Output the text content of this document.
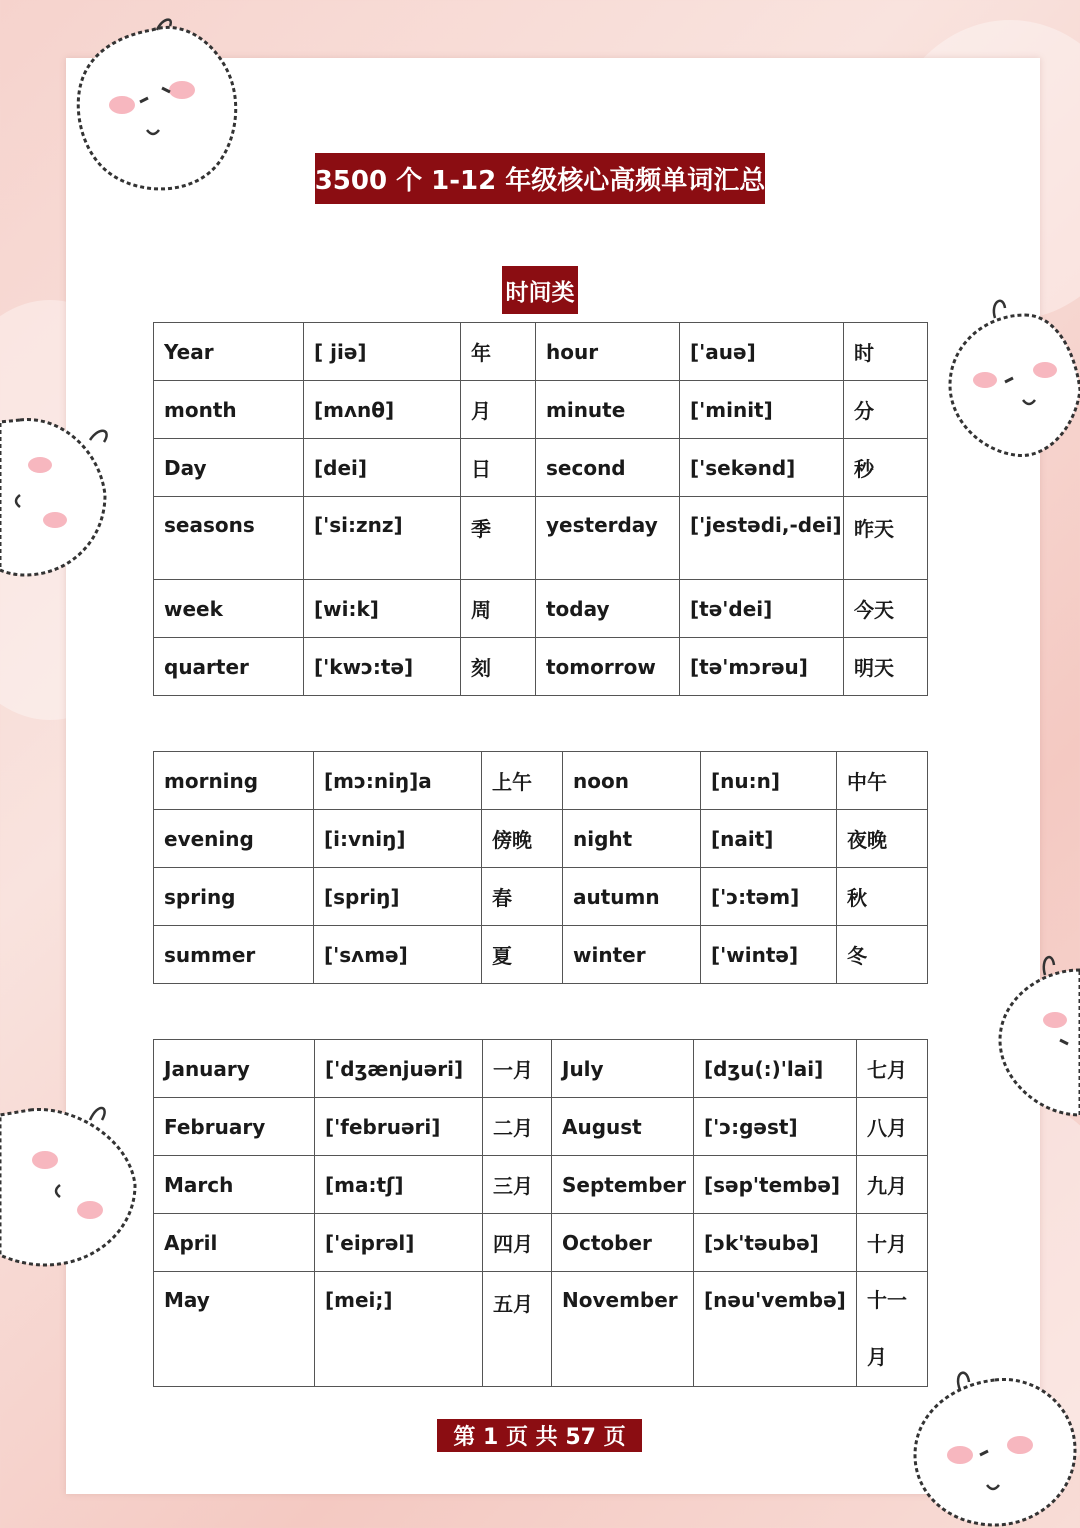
3500 个 1-12 年级核心高频单词汇总
时间类
Year	[ jiə]	年	hour	['auə]	时
month	[mʌnθ]	月	minute	['minit]	分
Day	[dei]	日	second	['sekənd]	秒
seasons	['si:znz]	季	yesterday	['jestədi,-dei]	昨天
week	[wi:k]	周	today	[tə'dei]	今天
quarter	['kwɔ:tə]	刻	tomorrow	[tə'mɔrəu]	明天
morning	[mɔ:niŋ]a	上午	noon	[nu:n]	中午
evening	[i:vniŋ]	傍晚	night	[nait]	夜晚
spring	[spriŋ]	春	autumn	['ɔ:təm]	秋
summer	['sʌmə]	夏	winter	['wintə]	冬
January	['dʒænjuəri]	一月	July	[dʒu(:)'lai]	七月
February	['februəri]	二月	August	['ɔ:gəst]	八月
March	[ma:tʃ]	三月	September	[səp'tembə]	九月
April	['eiprəl]	四月	October	[ɔk'təubə]	十月
May	[mei;]	五月	November	[nəu'vembə]	十一月
第 1 页 共 57 页
